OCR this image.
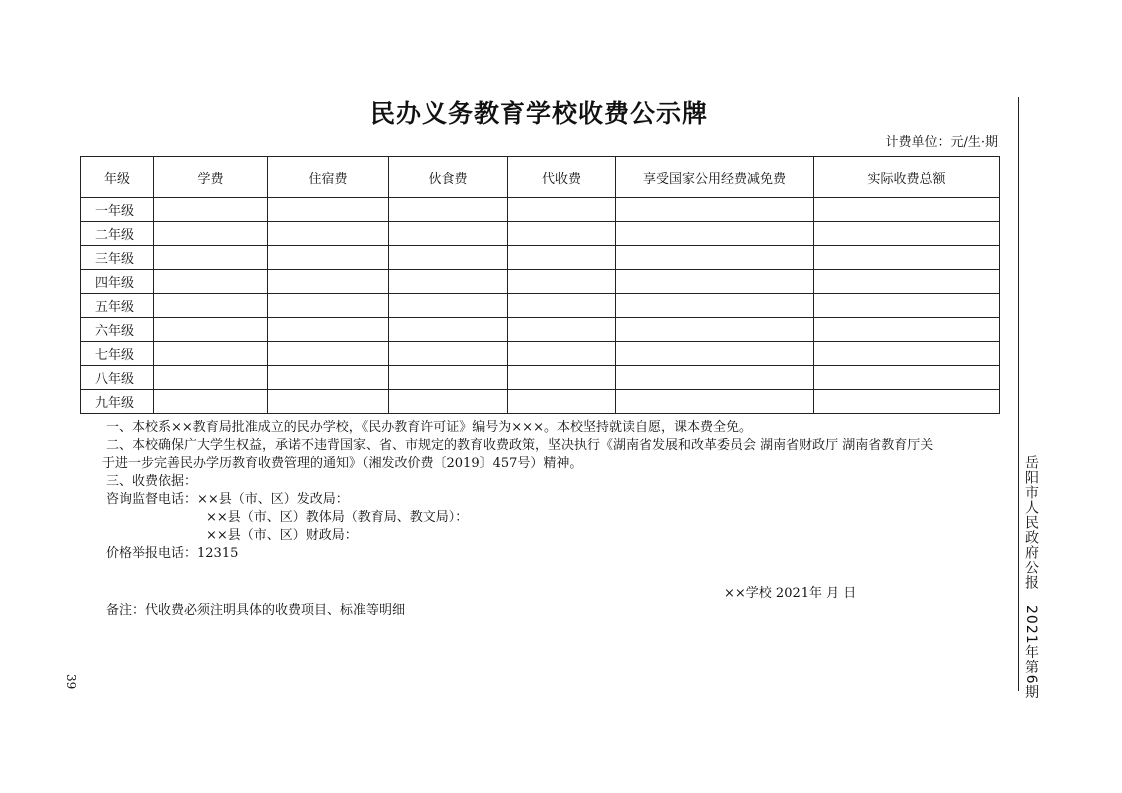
民办义务教育学校收费公示牌
计费单位：元/生·期
年级	学费	住宿费	伙食费	代收费	享受国家公用经费减免费	实际收费总额
一年级						
二年级						
三年级						
四年级						
五年级						
六年级						
七年级						
八年级						
九年级						
一、本校系××教育局批准成立的民办学校，《民办教育许可证》编号为×××。本校坚持就读自愿，课本费全免。
二、本校确保广大学生权益，承诺不违背国家、省、市规定的教育收费政策，坚决执行《湖南省发展和改革委员会 湖南省财政厅 湖南省教育厅关
于进一步完善民办学历教育收费管理的通知》（湘发改价费〔2019〕457号）精神。
三、收费依据：
咨询监督电话：××县（市、区）发改局：
××县（市、区）教体局（教育局、教文局）：
××县（市、区）财政局：
价格举报电话：12315
××学校 2021年 月 日
备注：代收费必须注明具体的收费项目、标准等明细	岳阳市人民政府公报　2021年第6期
39
